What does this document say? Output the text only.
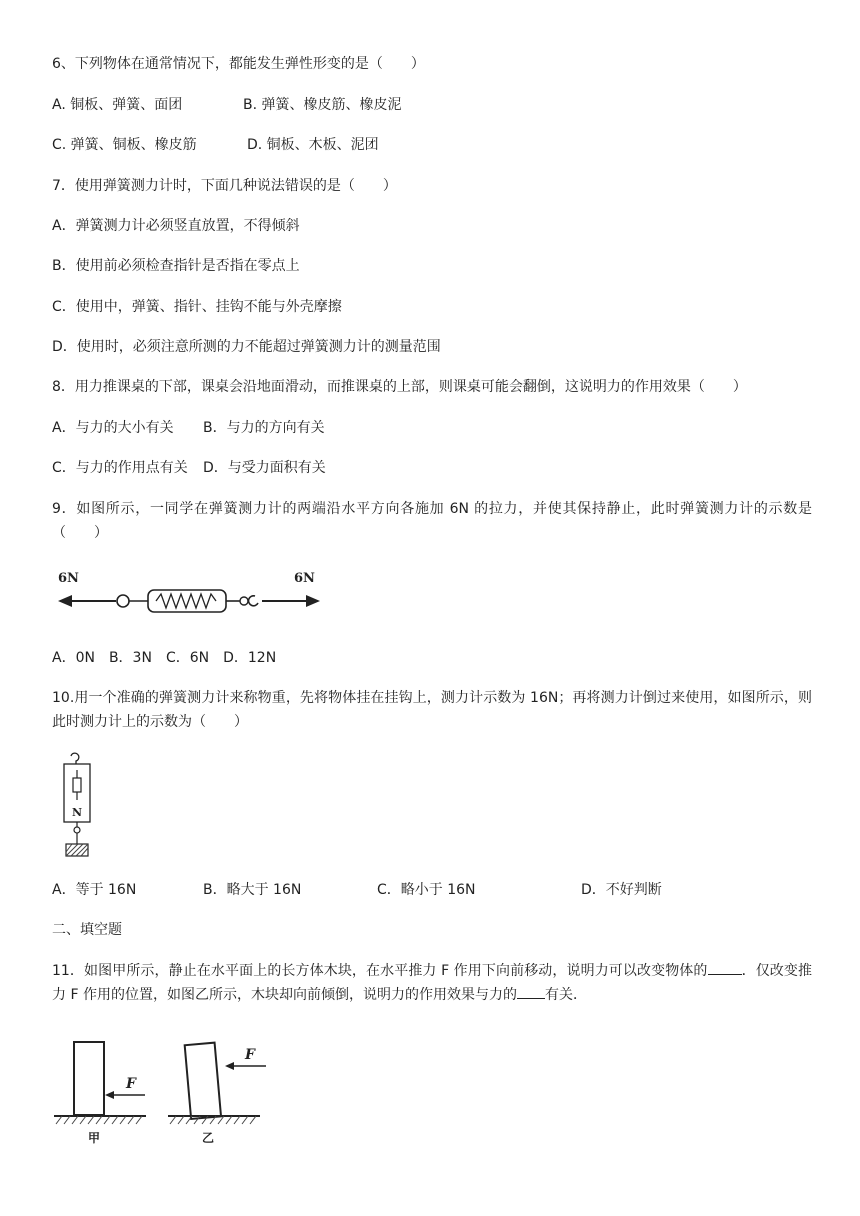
6、下列物体在通常情况下，都能发生弹性形变的是（　　）
A. 铜板、弹簧、面团	B. 弹簧、橡皮筋、橡皮泥
C. 弹簧、铜板、橡皮筋	D. 铜板、木板、泥团
7．使用弹簧测力计时，下面几种说法错误的是（　　）
A．弹簧测力计必须竖直放置，不得倾斜
B．使用前必须检查指针是否指在零点上
C．使用中，弹簧、指针、挂钩不能与外壳摩擦
D．使用时，必须注意所测的力不能超过弹簧测力计的测量范围
8．用力推课桌的下部，课桌会沿地面滑动，而推课桌的上部，则课桌可能会翻倒，这说明力的作用效果（　　）
A．与力的大小有关 B．与力的方向有关
C．与力的作用点有关 D．与受力面积有关
9．如图所示，一同学在弹簧测力计的两端沿水平方向各施加 6N 的拉力，并使其保持静止，此时弹簧测力计的示数是（　　）
6N	6N
A．0N　B．3N　C．6N　D．12N
10.用一个准确的弹簧测力计来称物重，先将物体挂在挂钩上，测力计示数为 16N；再将测力计倒过来使用，如图所示，则此时测力计上的示数为（　　）
N
A．等于 16N	B．略大于 16N	C．略小于 16N	D．不好判断
二、填空题
11．如图甲所示，静止在水平面上的长方体木块，在水平推力 F 作用下向前移动，说明力可以改变物体的 ．仅改变推力 F 作用的位置，如图乙所示，木块却向前倾倒，说明力的作用效果与力的 有关．
F
甲
F
乙
